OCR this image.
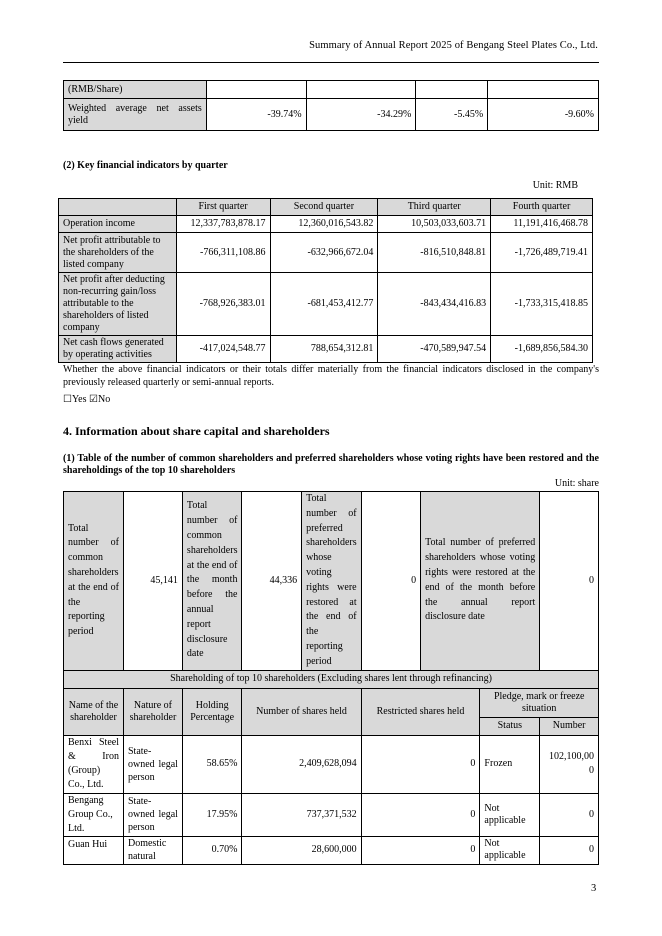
Summary of Annual Report 2025 of Bengang Steel Plates Co., Ltd.
(RMB/Share)				
Weighted average net assets yield	-39.74%	-34.29%	-5.45%	-9.60%
(2) Key financial indicators by quarter
Unit: RMB
	First quarter	Second quarter	Third quarter	Fourth quarter
Operation income	12,337,783,878.17	12,360,016,543.82	10,503,033,603.71	11,191,416,468.78
Net profit attributable to the shareholders of the listed company	-766,311,108.86	-632,966,672.04	-816,510,848.81	-1,726,489,719.41
Net profit after deducting non-recurring gain/loss attributable to the shareholders of listed company	-768,926,383.01	-681,453,412.77	-843,434,416.83	-1,733,315,418.85
Net cash flows generated by operating activities	-417,024,548.77	788,654,312.81	-470,589,947.54	-1,689,856,584.30
Whether the above financial indicators or their totals differ materially from the financial indicators disclosed in the company's previously released quarterly or semi-annual reports.
☐Yes ☑No
4. Information about share capital and shareholders
(1) Table of the number of common shareholders and preferred shareholders whose voting rights have been restored and the shareholdings of the top 10 shareholders
Unit: share
Total number of common shareholders at the end of the reporting period	45,141	Total number of common shareholders at the end of the month before the annual report disclosure date	44,336	Total number of preferred shareholders whose voting rights were restored at the end of the reporting period	0	Total number of preferred shareholders whose voting rights were restored at the end of the month before the annual report disclosure date		0
Shareholding of top 10 shareholders (Excluding shares lent through refinancing)								
Name of the shareholder	Nature of shareholder	Holding Percentage	Number of shares held		Restricted shares held		Pledge, mark or freeze situation	
							Status	Number
Benxi Steel & Iron (Group) Co., Ltd.	State-owned legal person	58.65%	2,409,628,094		0		Frozen	102,100,000
Bengang Group Co., Ltd.	State-owned legal person	17.95%	737,371,532		0		Not applicable	0
Guan Hui	Domestic natural	0.70%	28,600,000		0		Not applicable	0
3
